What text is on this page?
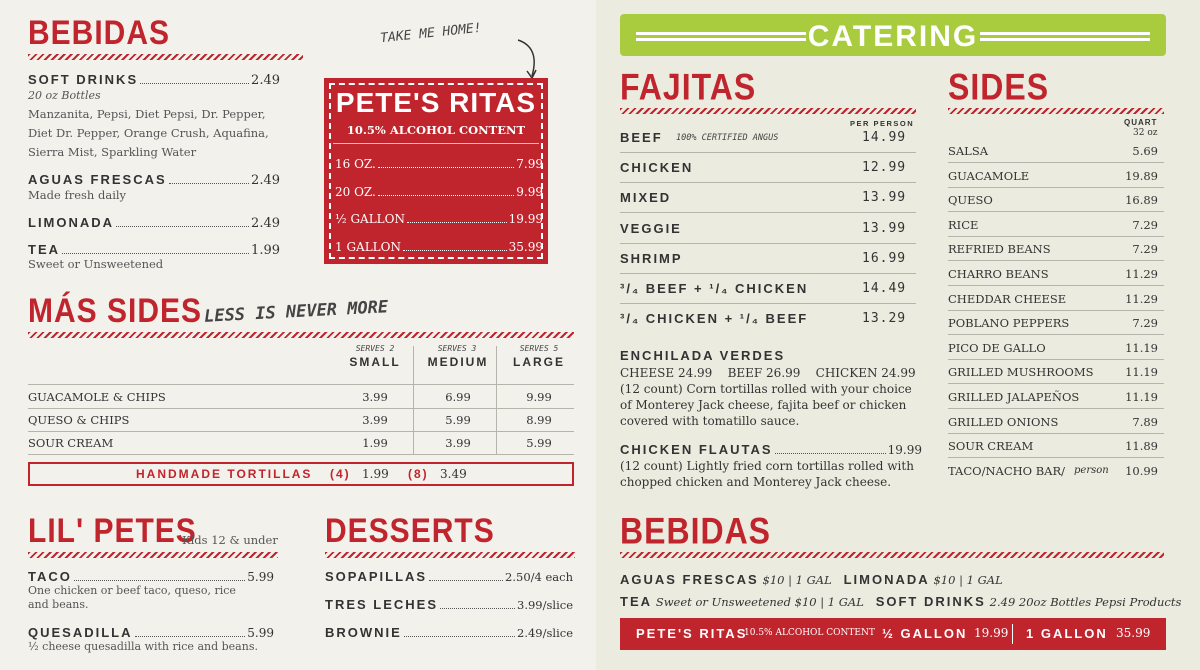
BEBIDAS
SOFT DRINKS	2.49
20 oz Bottles
Manzanita, Pepsi, Diet Pepsi, Dr. Pepper,
Diet Dr. Pepper, Orange Crush, Aquafina,
Sierra Mist, Sparkling Water
AGUAS FRESCAS	2.49
Made fresh daily
LIMONADA	2.49
TEA	1.99
Sweet or Unsweetened
TAKE ME HOME!
PETE'S RITAS
10.5% ALCOHOL CONTENT
16 OZ.	7.99
20 OZ.	9.99
½ GALLON	19.99
1 GALLON	35.99
MÁS SIDES LESS IS NEVER MORE
SERVES 2
SMALL
SERVES 3
MEDIUM
SERVES 5
LARGE
GUACAMOLE & CHIPS	3.99	6.99	9.99
QUESO & CHIPS	3.99	5.99	8.99
SOUR CREAM	1.99	3.99	5.99
HANDMADE TORTILLAS (4) 1.99 (8) 3.49
LIL' PETES
Kids 12 & under
TACO	5.99
One chicken or beef taco, queso, rice
and beans.
QUESADILLA	5.99
½ cheese quesadilla with rice and beans.
DESSERTS
SOPAPILLAS	2.50/4 each
TRES LECHES	3.99/slice
BROWNIE	2.49/slice
CATERING
FAJITAS
PER PERSON
BEEF 100% CERTIFIED ANGUS	14.99
CHICKEN	12.99
MIXED	13.99
VEGGIE	13.99
SHRIMP	16.99
³/₄ BEEF + ¹/₄ CHICKEN	14.49
³/₄ CHICKEN + ¹/₄ BEEF	13.29
ENCHILADA VERDES
CHEESE 24.99    BEEF 26.99    CHICKEN 24.99
(12 count) Corn tortillas rolled with your choice
of Monterey Jack cheese, fajita beef or chicken
covered with tomatillo sauce.
CHICKEN FLAUTAS	19.99
(12 count) Lightly fried corn tortillas rolled with
chopped chicken and Monterey Jack cheese.
SIDES
QUART
32 oz
SALSA	5.69
GUACAMOLE	19.89
QUESO	16.89
RICE	7.29
REFRIED BEANS	7.29
CHARRO BEANS	11.29
CHEDDAR CHEESE	11.29
POBLANO PEPPERS	7.29
PICO DE GALLO	11.19
GRILLED MUSHROOMS	11.19
GRILLED JALAPEÑOS	11.19
GRILLED ONIONS	7.89
SOUR CREAM	11.89
TACO/NACHO BAR/ person	10.99
BEBIDAS
AGUAS FRESCAS $10 | 1 GAL LIMONADA $10 | 1 GAL
TEA Sweet or Unsweetened $10 | 1 GAL SOFT DRINKS 2.49 20oz Bottles Pepsi Products
PETE'S RITAS
10.5% ALCOHOL CONTENT ½ GALLON 19.99 1 GALLON 35.99
